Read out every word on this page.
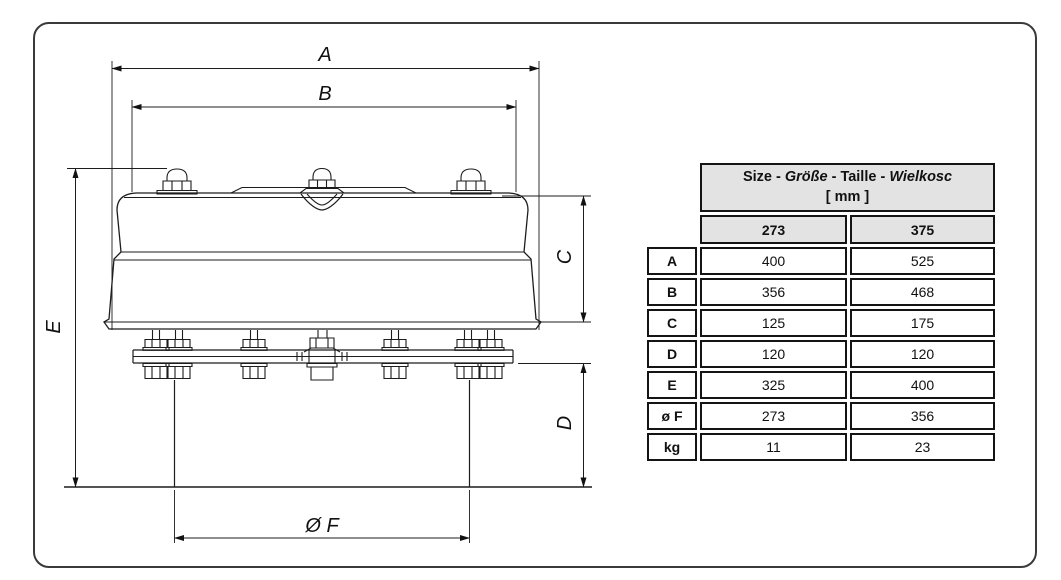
A
B
E
C
D
Ø F

	Size - Größe - Taille - Wielkosc
[ mm ]	

	273	375
A	400	525
B	356	468
C	125	175
D	120	120
E	325	400
ø F	273	356
kg	11	23
